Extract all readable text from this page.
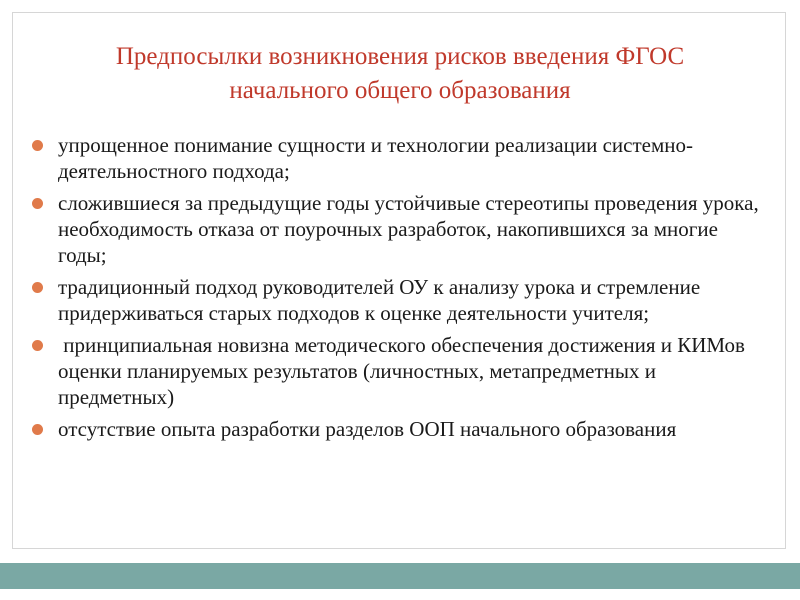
Предпосылки возникновения рисков введения ФГОС
начального общего образования
упрощенное понимание сущности и технологии реализации системно-деятельностного подхода;
сложившиеся за предыдущие годы устойчивые стереотипы проведения урока, необходимость отказа от поурочных разработок, накопившихся за многие годы;
традиционный подход руководителей ОУ к анализу урока и стремление придерживаться старых подходов к оценке деятельности учителя;
принципиальная новизна методического обеспечения достижения и КИМов оценки планируемых результатов (личностных, метапредметных и предметных)
отсутствие опыта разработки разделов ООП начального образования
